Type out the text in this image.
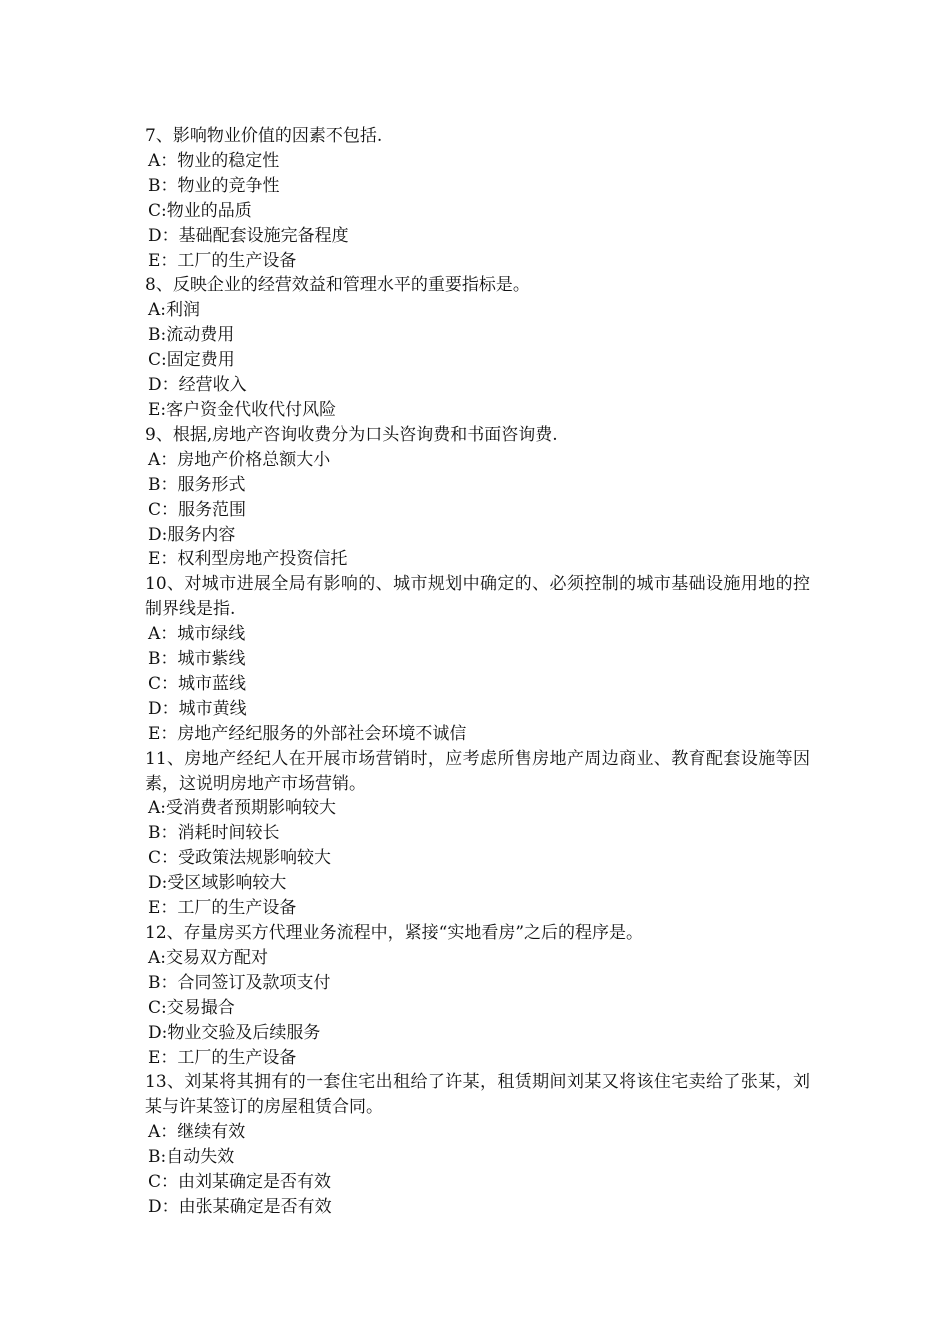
7、影响物业价值的因素不包括.
A：物业的稳定性
B：物业的竞争性
C:物业的品质
D：基础配套设施完备程度
E：工厂的生产设备
8、反映企业的经营效益和管理水平的重要指标是。
A:利润
B:流动费用
C:固定费用
D：经营收入
E:客户资金代收代付风险
9、根据,房地产咨询收费分为口头咨询费和书面咨询费.
A：房地产价格总额大小
B：服务形式
C：服务范围
D:服务内容
E：权利型房地产投资信托
10、对城市进展全局有影响的、城市规划中确定的、必须控制的城市基础设施用地的控制界线是指.
A：城市绿线
B：城市紫线
C：城市蓝线
D：城市黄线
E：房地产经纪服务的外部社会环境不诚信
11、房地产经纪人在开展市场营销时，应考虑所售房地产周边商业、教育配套设施等因素，这说明房地产市场营销。
A:受消费者预期影响较大
B：消耗时间较长
C：受政策法规影响较大
D:受区域影响较大
E：工厂的生产设备
12、存量房买方代理业务流程中，紧接“实地看房”之后的程序是。
A:交易双方配对
B：合同签订及款项支付
C:交易撮合
D:物业交验及后续服务
E：工厂的生产设备
13、刘某将其拥有的一套住宅出租给了许某，租赁期间刘某又将该住宅卖给了张某，刘某与许某签订的房屋租赁合同。
A：继续有效
B:自动失效
C：由刘某确定是否有效
D：由张某确定是否有效
